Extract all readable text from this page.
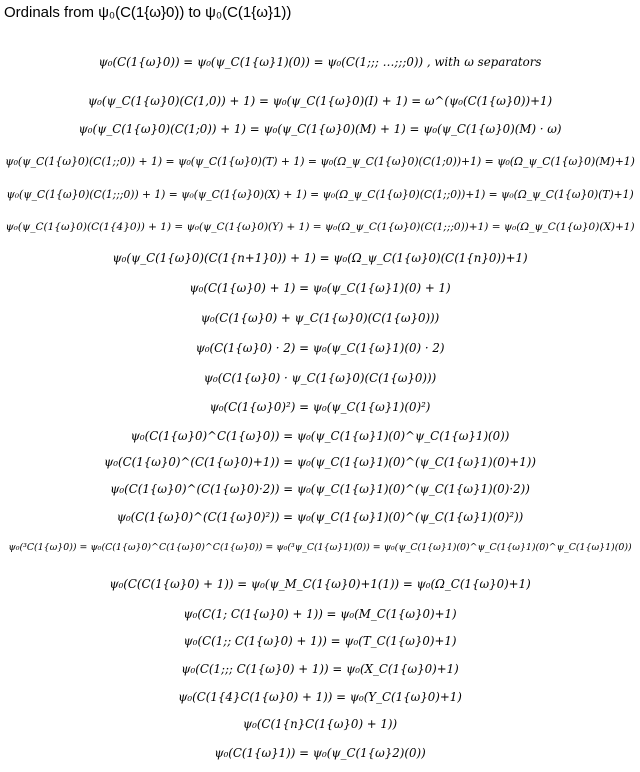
Ordinals from ψ₀(C(1{ω}0)) to ψ₀(C(1{ω}1))
ψ₀(C(1{ω}0)) = ψ₀(ψ_C(1{ω}1)(0)) = ψ₀(C(1;;; …;;;0)) , with ω separators
ψ₀(ψ_C(1{ω}0)(C(1,0)) + 1) = ψ₀(ψ_C(1{ω}0)(I) + 1) = ω^(ψ₀(C(1{ω}0))+1)
ψ₀(ψ_C(1{ω}0)(C(1;0)) + 1) = ψ₀(ψ_C(1{ω}0)(M) + 1) = ψ₀(ψ_C(1{ω}0)(M) · ω)
ψ₀(ψ_C(1{ω}0)(C(1;;0)) + 1) = ψ₀(ψ_C(1{ω}0)(T) + 1) = ψ₀(Ω_ψ_C(1{ω}0)(C(1;0))+1) = ψ₀(Ω_ψ_C(1{ω}0)(M)+1)
ψ₀(ψ_C(1{ω}0)(C(1;;;0)) + 1) = ψ₀(ψ_C(1{ω}0)(X) + 1) = ψ₀(Ω_ψ_C(1{ω}0)(C(1;;0))+1) = ψ₀(Ω_ψ_C(1{ω}0)(T)+1)
ψ₀(ψ_C(1{ω}0)(C(1{4}0)) + 1) = ψ₀(ψ_C(1{ω}0)(Y) + 1) = ψ₀(Ω_ψ_C(1{ω}0)(C(1;;;0))+1) = ψ₀(Ω_ψ_C(1{ω}0)(X)+1)
ψ₀(ψ_C(1{ω}0)(C(1{n+1}0)) + 1) = ψ₀(Ω_ψ_C(1{ω}0)(C(1{n}0))+1)
ψ₀(C(1{ω}0) + 1) = ψ₀(ψ_C(1{ω}1)(0) + 1)
ψ₀(C(1{ω}0) + ψ_C(1{ω}0)(C(1{ω}0)))
ψ₀(C(1{ω}0) · 2) = ψ₀(ψ_C(1{ω}1)(0) · 2)
ψ₀(C(1{ω}0) · ψ_C(1{ω}0)(C(1{ω}0)))
ψ₀(C(1{ω}0)²) = ψ₀(ψ_C(1{ω}1)(0)²)
ψ₀(C(1{ω}0)^C(1{ω}0)) = ψ₀(ψ_C(1{ω}1)(0)^ψ_C(1{ω}1)(0))
ψ₀(C(1{ω}0)^(C(1{ω}0)+1)) = ψ₀(ψ_C(1{ω}1)(0)^(ψ_C(1{ω}1)(0)+1))
ψ₀(C(1{ω}0)^(C(1{ω}0)·2)) = ψ₀(ψ_C(1{ω}1)(0)^(ψ_C(1{ω}1)(0)·2))
ψ₀(C(1{ω}0)^(C(1{ω}0)²)) = ψ₀(ψ_C(1{ω}1)(0)^(ψ_C(1{ω}1)(0)²))
ψ₀(³C(1{ω}0)) = ψ₀(C(1{ω}0)^C(1{ω}0)^C(1{ω}0)) = ψ₀(³ψ_C(1{ω}1)(0)) = ψ₀(ψ_C(1{ω}1)(0)^ψ_C(1{ω}1)(0)^ψ_C(1{ω}1)(0))
ψ₀(C(C(1{ω}0) + 1)) = ψ₀(ψ_M_C(1{ω}0)+1(1)) = ψ₀(Ω_C(1{ω}0)+1)
ψ₀(C(1; C(1{ω}0) + 1)) = ψ₀(M_C(1{ω}0)+1)
ψ₀(C(1;; C(1{ω}0) + 1)) = ψ₀(T_C(1{ω}0)+1)
ψ₀(C(1;;; C(1{ω}0) + 1)) = ψ₀(X_C(1{ω}0)+1)
ψ₀(C(1{4}C(1{ω}0) + 1)) = ψ₀(Y_C(1{ω}0)+1)
ψ₀(C(1{n}C(1{ω}0) + 1))
ψ₀(C(1{ω}1)) = ψ₀(ψ_C(1{ω}2)(0))
